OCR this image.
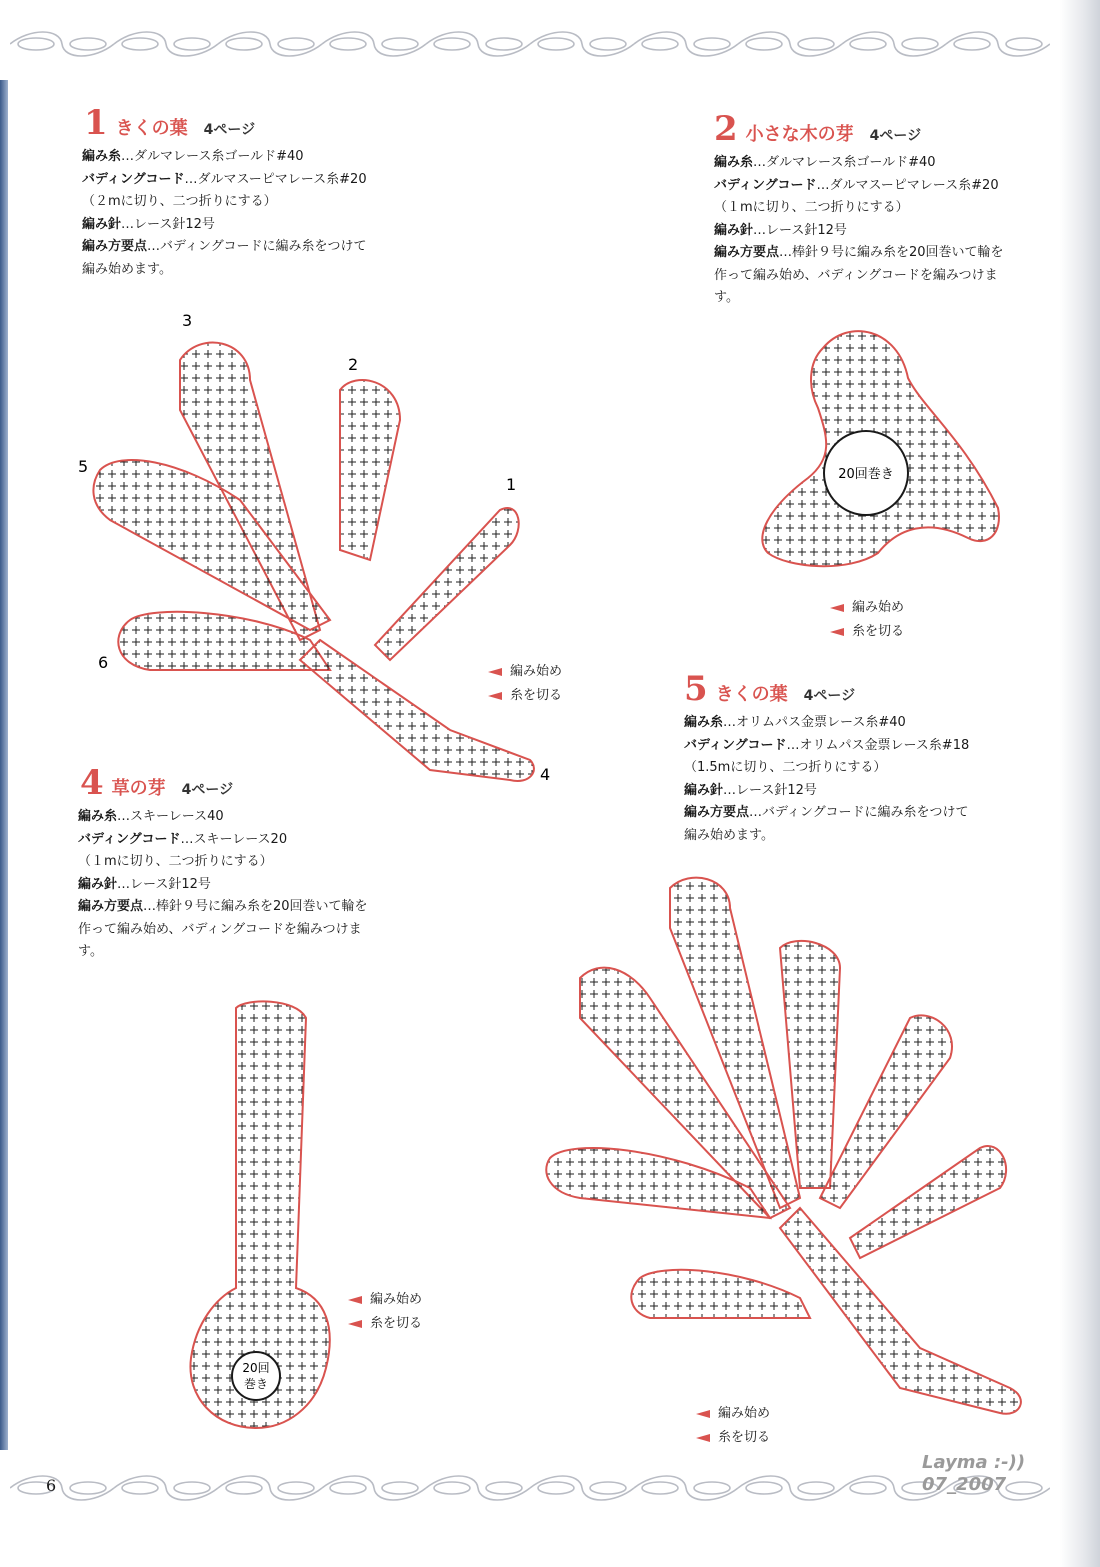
1 きくの葉 4ページ
編み糸…ダルマレース糸ゴールド#40
バディングコード…ダルマスーピマレース糸#20
（２mに切り、二つ折りにする）
編み針…レース針12号
編み方要点…バディングコードに編み糸をつけて
編み始めます。
3
2
5
1
6
4
編み始め
糸を切る
2 小さな木の芽 4ページ
編み糸…ダルマレース糸ゴールド#40
バディングコード…ダルマスーピマレース糸#20
（１mに切り、二つ折りにする）
編み針…レース針12号
編み方要点…棒針９号に編み糸を20回巻いて輪を
作って編み始め、バディングコードを編みつけま
す。
20回巻き
編み始め
糸を切る
4 草の芽 4ページ
編み糸…スキーレース40
バディングコード…スキーレース20
（１mに切り、二つ折りにする）
編み針…レース針12号
編み方要点…棒針９号に編み糸を20回巻いて輪を
作って編み始め、バディングコードを編みつけま
す。
20回
巻き
編み始め
糸を切る
5 きくの葉 4ページ
編み糸…オリムパス金票レース糸#40
バディングコード…オリムパス金票レース糸#18
（1.5mに切り、二つ折りにする）
編み針…レース針12号
編み方要点…バディングコードに編み糸をつけて
編み始めます。
編み始め
糸を切る
6
Layma :-))
07_2007
